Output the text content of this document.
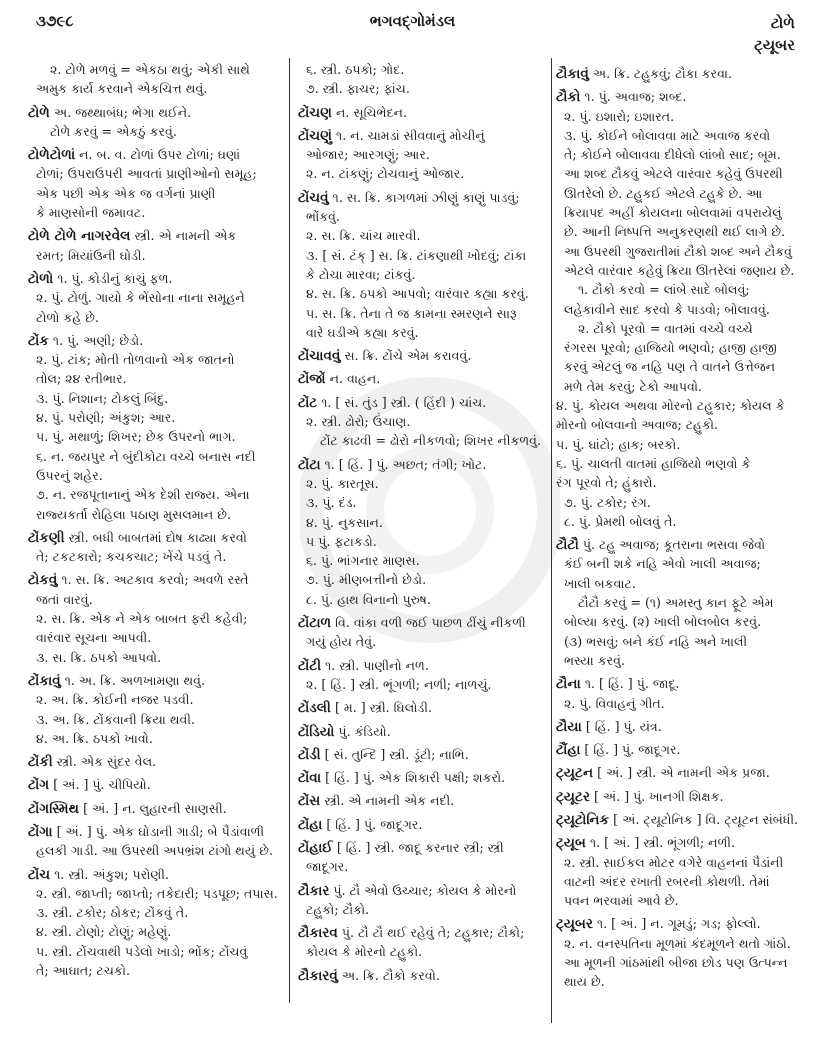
૩૭૯૮	ભગવદ્ગોમંડલ	ટોળે
ટ્યૂબર
૨. ટોળે મળવું = એકઠા થવું; એકી સાથે
અમુક કાર્ય કરવાને એકચિત્ત થવું.
ટોળે અ. જથ્થાબંધ; ભેગા થઈને.
ટોળે કરવું = એકઠું કરવું.
ટોળેટોળાં ન. બ. વ. ટોળાં ઉપર ટોળાં; ઘણાં
ટોળાં; ઉપરાઉપરી આવતાં પ્રાણીઓનો સમૂહ;
એક પછી એક એક જ વર્ગનાં પ્રાણી
કે માણસોની જમાવટ.
ટોળે ટોળે નાગરવેલ સ્ત્રી. એ નામની એક
રમત; મિયાંઉની ઘોડી.
ટોળો ૧. પું. કોડીનું કાચું ફળ.
૨. પું. ટોળું. ગાયો કે ભેંસોના નાના સમૂહને
ટોળો કહે છે.
ટોંક ૧. પું. અણી; છેડો.
૨. પું. ટાંક; મોતી તોળવાનો એક જાતનો
તોલ; ૨૪ રતીભાર.
૩. પું. નિશાન; ટોકલું બિંદુ.
૪. પું. પરોણી; અંકુશ; આર.
૫. પું. મથાળું; શિખર; છેક ઉપરનો ભાગ.
૬. ન. જયપુર ને બુંદીકોટા વચ્ચે બનાસ નદી
ઉપરનું શહેર.
૭. ન. રજપૂતાનાનું એક દેશી રાજ્ય. એના
રાજ્યકર્તા રોહિલા પઠાણ મુસલમાન છે.
ટોંકણી સ્ત્રી. બધી બાબતમાં દોષ કાઢ્યા કરવો
તે; ટકટકારો; કચકચાટ; ખેંચે પડવું તે.
ટોકવું ૧. સ. ક્રિ. અટકાવ કરવો; અવળે રસ્તે
જતાં વારવું.
૨. સ. ક્રિ. એક ને એક બાબત ફરી કહેવી;
વારંવાર સૂચના આપવી.
૩. સ. ક્રિ. ઠપકો આપવો.
ટોંકાવું ૧. અ. ક્રિ. અળખામણા થવું.
૨. અ. ક્રિ. કોઈની નજર પડવી.
૩. અ. ક્રિ. ટોંકવાની ક્રિયા થવી.
૪. અ. ક્રિ. ઠપકો ખાવો.
ટોંકી સ્ત્રી. એક સુંદર વેલ.
ટોંગ [ અં. ] પું. ચીપિયો.
ટોંગસ્મિથ [ અં. ] ન. લુહારની સાણસી.
ટોંગા [ અં. ] પું. એક ઘોડાની ગાડી; બે પૈડાંવાળી
હલકી ગાડી. આ ઉપરથી અપભ્રંશ ટાંગો થયું છે.
ટોંચ ૧. સ્ત્રી. અંકુશ; પરોણી.
૨. સ્ત્રી. જાપ્તી; જાપ્તો; તકેદારી; પડપૂછ; તપાસ.
૩. સ્ત્રી. ટકોર; ઠોકર; ટોંકવું તે.
૪. સ્ત્રી. ટોણો; ટોણું; મહેણું.
૫. સ્ત્રી. ટોંચવાથી પડેલો ખાડો; ભોંક; ટોંચવું
તે; આઘાત; ટચકો.
૬. સ્ત્રી. ઠપકો; ગોદ.
૭. સ્ત્રી. ફાચર; ફાંચ.
ટોંચણ ન. સૂચિભેદન.
ટોંચણું ૧. ન. ચામડાં સીવવાનું મોચીનું
ઓજાર; આરગણું; આર.
૨. ન. ટાંકણું; ટોચવાનું ઓજાર.
ટોંચવું ૧. સ. ક્રિ. કાગળમાં ઝીણું કાણું પાડવું;
ભોંકવું.
૨. સ. ક્રિ. ચાંચ મારવી.
૩. [ સં. ટંક્ ] સ. ક્રિ. ટાંકણાથી ખોદવું; ટાંકા
કે ટોચા મારવા; ટાંકવું.
૪. સ. ક્રિ. ઠપકો આપવો; વારંવાર કહ્યા કરવું.
૫. સ. ક્રિ. તેના તે જ કામના સ્મરણને સારૂ
વારે ઘડીએ કહ્યા કરવું.
ટોંચાવવું સ. ક્રિ. ટોંચે એમ કરાવવું.
ટોંજોં ન. વાહન.
ટોંટ ૧. [ સં. તુંડ ] સ્ત્રી. ( હિંદી ) ચાંચ.
૨. સ્ત્રી. ઢોરો; ઉંચાણ.
ટોંટ કાઢવી = ઢોરો નીકળવો; શિખર નીકળવું.
ટોંટા ૧. [ હિં. ] પું. અછત; તંગી; ખોટ.
૨. પું. કારતૂસ.
૩. પું. દંડ.
૪. પું. નુકસાન.
૫ પું. ફટાકડો.
૬. પું. ભાંગનાર માણસ.
૭. પું. મીણબત્તીનો છેડો.
૮. પું. હાથ વિનાનો પુરુષ.
ટોંટાળ વિ. વાંકા વળી જઈ પાછળ ઢીંચું નીકળી
ગયું હોય તેવું.
ટોંટી ૧. સ્ત્રી. પાણીનો નળ.
૨. [ હિં. ] સ્ત્રી. ભૂંગળી; નળી; નાળચું.
ટોંડલી [ મ. ] સ્ત્રી. ઘિલોડી.
ટોંડિયો પું. કંડિયો.
ટોંડી [ સં. તુન્દિ ] સ્ત્રી. ડૂંટી; નાભિ.
ટોંવા [ હિં. ] પું. એક શિકારી પક્ષી; શકરો.
ટોંસ સ્ત્રી. એ નામની એક નદી.
ટોંહા [ હિં. ] પું. જાદૂગર.
ટોંહાઈ [ હિં. ] સ્ત્રી. જાદૂ કરનાર સ્ત્રી; સ્ત્રી
જાદૂગર.
ટૌકાર પું. ટૌ એવો ઉચ્ચાર; કોયલ કે મોરનો
ટહુકો; ટૌકો.
ટૌકારવ પું. ટૌ ટૌ થઈ રહેવું તે; ટહુકાર; ટૌકો;
કોયલ કે મોરનો ટહુકો.
ટૌકારવું અ. ક્રિ. ટૌકો કરવો.
ટૌકાવું અ. ક્રિ. ટહુકવું; ટૌકા કરવા.
ટૌકો ૧. પું. અવાજ; શબ્દ.
૨. પું. ઇશારો; ઇશારત.
૩. પું. કોઈને બોલાવવા માટે અવાજ કરવો
તે; કોઈને બોલાવવા દીધેલો લાંબો સાદ; બૂમ.
આ શબ્દ ટૌકવું એટલે વારંવાર કહેવું ઉપરથી
ઊતરેલો છે. ટહુકઈ એટલે ટહુકે છે. આ
ક્રિયાપદ અહીં કોયલના બોલવામાં વપરાયેલું
છે. આની નિષ્પત્તિ અનુકરણથી થઈ લાગે છે.
આ ઉપરથી ગુજરાતીમાં ટૌકો શબ્દ અને ટૌકવું
એટલે વારંવાર કહેવું ક્રિયા ઊતરેલાં જણાય છે.
૧. ટૌકો કરવો = લાંબે સાદે બોલવું;
લહેકાવીને સાદ કરવો કે પાડવો; બોલાવવું.
૨. ટૌકો પૂરવો = વાતમાં વચ્ચે વચ્ચે
રંગરસ પૂરવો; હાજિયો ભણવો; હાજી હાજી
કરવું એટલું જ નહિ પણ તે વાતને ઉત્તેજન
મળે તેમ કરવું; ટેકો આપવો.
૪. પું. કોયલ અથવા મોરનો ટહુકાર; કોયલ કે
મોરનો બોલવાનો અવાજ; ટહુકો.
૫. પું. ઘાંટો; હાક; બરકો.
૬. પું. ચાલતી વાતમાં હાજિયો ભણવો કે
રંગ પૂરવો તે; હુંકારો.
૭. પું. ટકોર; રંગ.
૮. પું. પ્રેમથી બોલવું તે.
ટૌટૌ પું. ટહુ અવાજ; કૂતરાના ભસવા જેવો
કંઈ બની શકે નહિ એવો ખાલી અવાજ;
ખાલી બકવાટ.
ટૌટૌ કરવું = (૧) અમસ્તુ કાન ફૂટે એમ
બોલ્યા કરવું. (૨) ખાલી બોલબોલ કરવું.
(૩) ભસવું; બને કંઈ નહિ અને ખાલી
ભસ્યા કરવું.
ટૌના ૧. [ હિં. ] પું. જાદૂ.
૨. પું. વિવાહનું ગીત.
ટૌયા [ હિં. ] પું. યંત્ર.
ટૌંહા [ હિં. ] પું. જાદૂગર.
ટ્યૂટન [ અં. ] સ્ત્રી. એ નામની એક પ્રજા.
ટ્યૂટર [ અં. ] પું. ખાનગી શિક્ષક.
ટ્યૂટોનિક [ અં. ટ્યૂટોનિક ] વિ. ટ્યૂટન સંબંધી.
ટ્યૂબ ૧. [ અં. ] સ્ત્રી. ભૂંગળી; નળી.
૨. સ્ત્રી. સાઈકલ મોટર વગેરે વાહનનાં પૈડાંની
વાટની અંદર રખાતી રબરની કોથળી. તેમાં
પવન ભરવામાં આવે છે.
ટ્યૂબર ૧. [ અં. ] ન. ગૂમડું; ગડ; ફોલ્લો.
૨. ન. વનસ્પતિના મૂળમાં કંદમૂળને થતો ગાંઠો.
આ મૂળની ગાંઠમાંથી બીજા છોડ પણ ઉત્પન્ન
થાય છે.
